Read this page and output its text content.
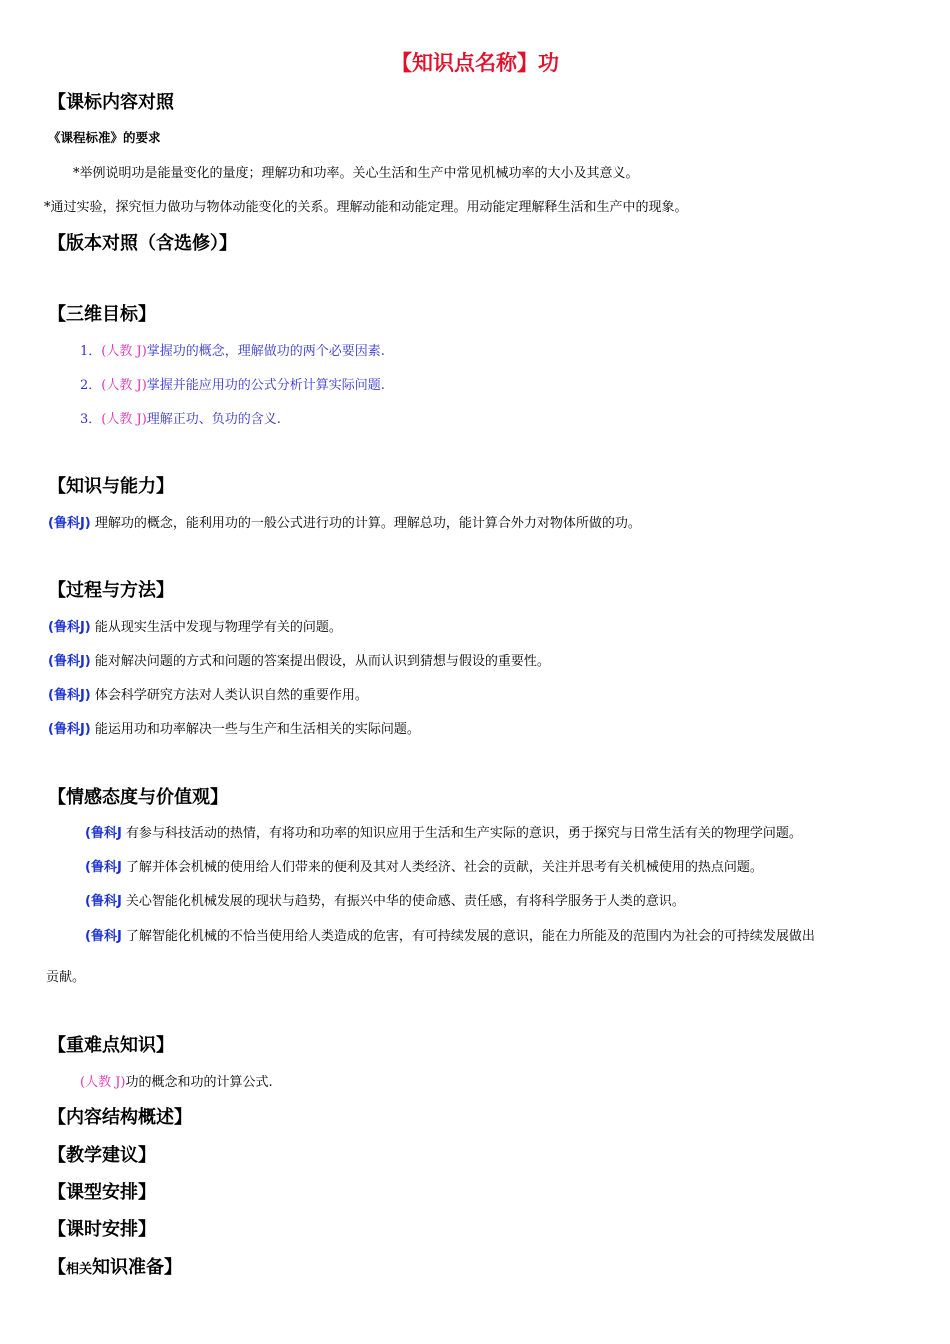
【知识点名称】功
【课标内容对照
《课程标准》的要求
*举例说明功是能量变化的量度；理解功和功率。关心生活和生产中常见机械功率的大小及其意义。
*通过实验，探究恒力做功与物体动能变化的关系。理解动能和动能定理。用动能定理解释生活和生产中的现象。
【版本对照（含选修）】
【三维目标】
1．(人教 J)掌握功的概念，理解做功的两个必要因素.
2．(人教 J)掌握并能应用功的公式分析计算实际问题.
3．(人教 J)理解正功、负功的含义.
【知识与能力】
(鲁科J) 理解功的概念，能利用功的一般公式进行功的计算。理解总功，能计算合外力对物体所做的功。
【过程与方法】
(鲁科J) 能从现实生活中发现与物理学有关的问题。
(鲁科J) 能对解决问题的方式和问题的答案提出假设，从而认识到猜想与假设的重要性。
(鲁科J) 体会科学研究方法对人类认识自然的重要作用。
(鲁科J) 能运用功和功率解决一些与生产和生活相关的实际问题。
【情感态度与价值观】
(鲁科J 有参与科技活动的热情，有将功和功率的知识应用于生活和生产实际的意识，勇于探究与日常生活有关的物理学问题。
(鲁科J 了解并体会机械的使用给人们带来的便利及其对人类经济、社会的贡献，关注并思考有关机械使用的热点问题。
(鲁科J 关心智能化机械发展的现状与趋势，有振兴中华的使命感、责任感，有将科学服务于人类的意识。
(鲁科J 了解智能化机械的不恰当使用给人类造成的危害，有可持续发展的意识，能在力所能及的范围内为社会的可持续发展做出
贡献。
【重难点知识】
(人教 J)功的概念和功的计算公式.
【内容结构概述】
【教学建议】
【课型安排】
【课时安排】
【相关知识准备】
